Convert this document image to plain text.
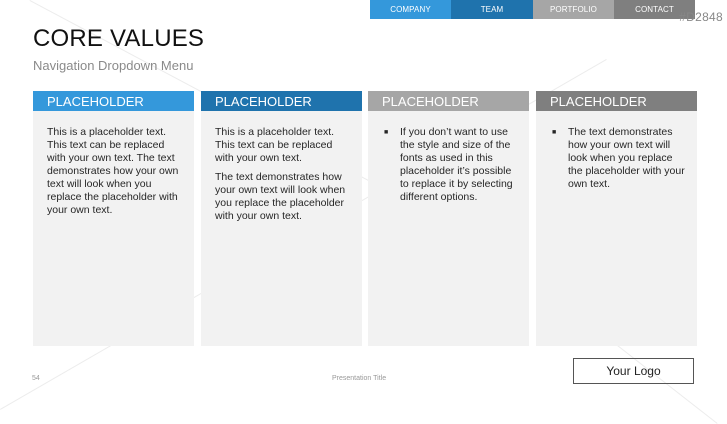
COMPANY	TEAM	PORTFOLIO	CONTACT
#D2848
CORE VALUES
Navigation Dropdown Menu
PLACEHOLDER

This is a placeholder text. This text can be replaced with your own text. The text demonstrates how your own text will look when you replace the placeholder with your own text.

PLACEHOLDER

This is a placeholder text. This text can be replaced with your own text.

The text demonstrates how your own text will look when you replace the placeholder with your own text.

PLACEHOLDER
■	If you don’t want to use the style and size of the fonts as used in this placeholder it’s possible to replace it by selecting different options.
PLACEHOLDER
■	The text demonstrates how your own text will look when you replace the placeholder with your own text.
54	Presentation Title
Your Logo
